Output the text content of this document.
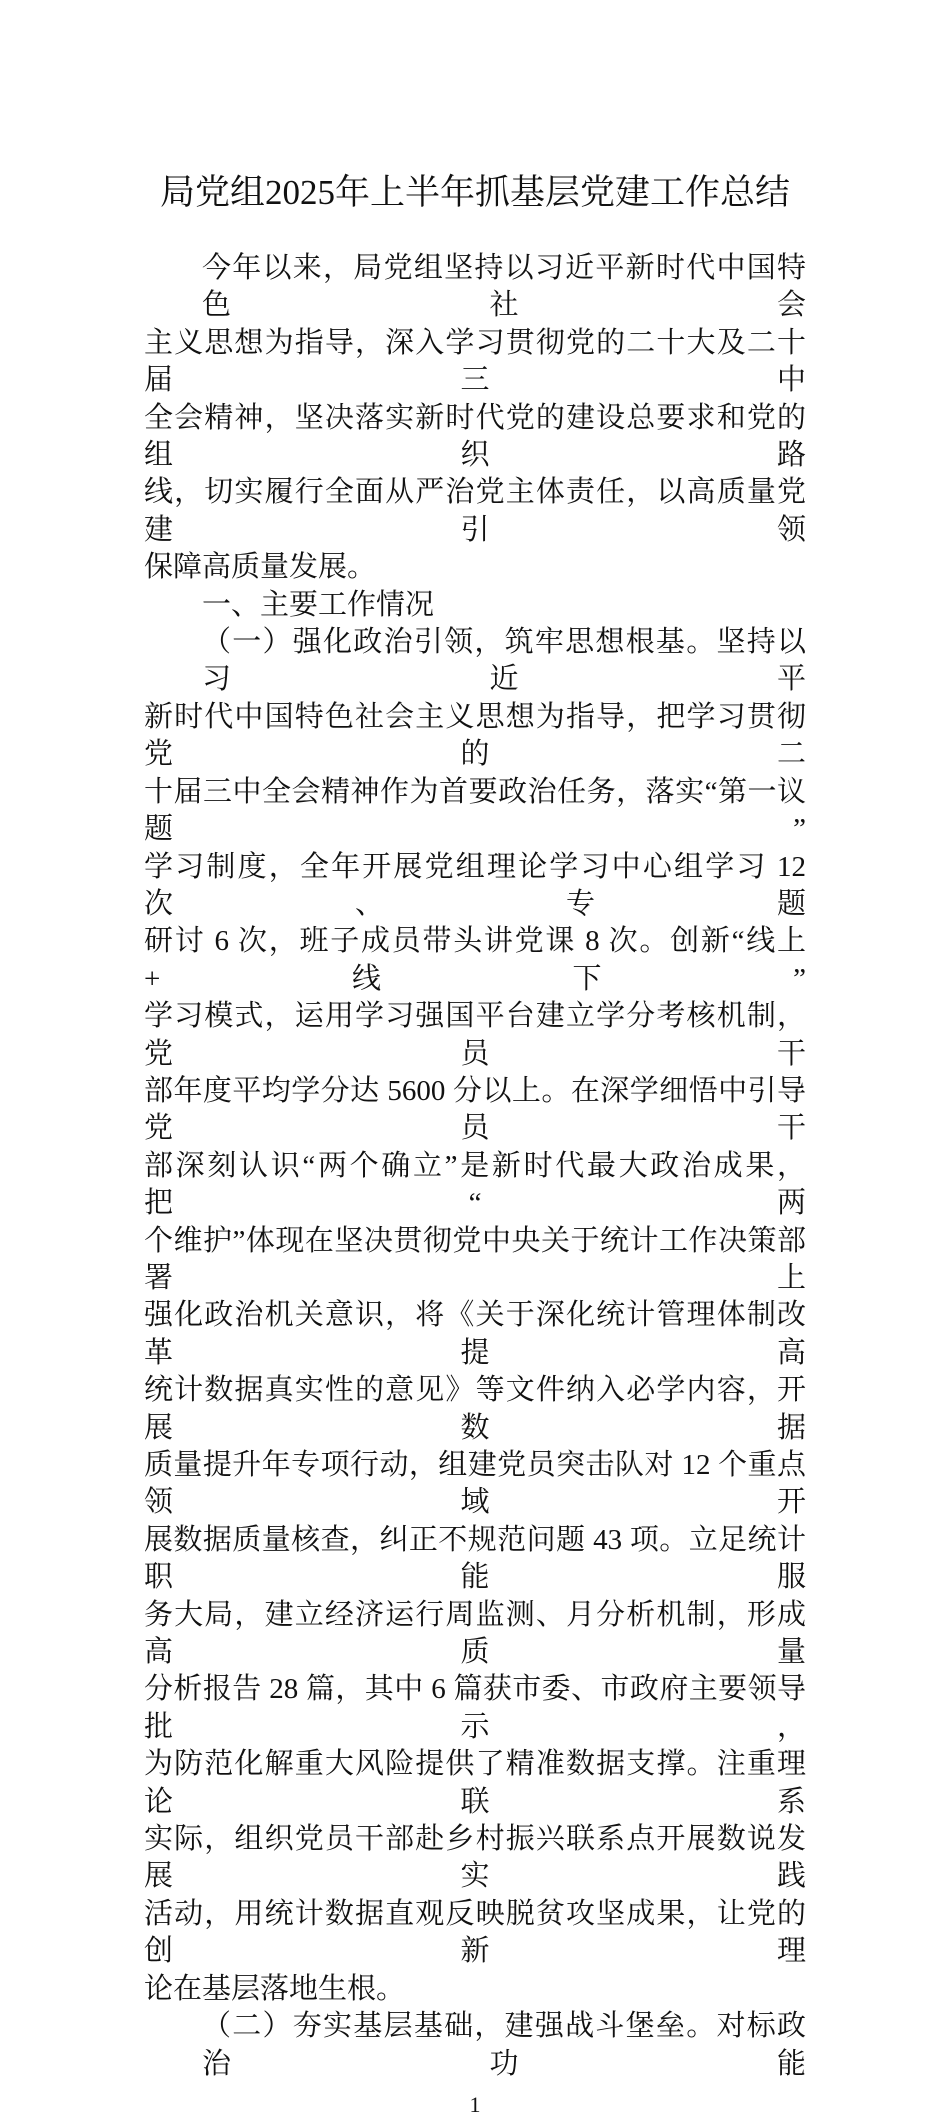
局党组2025年上半年抓基层党建工作总结
今年以来，局党组坚持以习近平新时代中国特色社会
主义思想为指导，深入学习贯彻党的二十大及二十届三中
全会精神，坚决落实新时代党的建设总要求和党的组织路
线，切实履行全面从严治党主体责任，以高质量党建引领
保障高质量发展。
一、主要工作情况
（一）强化政治引领，筑牢思想根基。坚持以习近平
新时代中国特色社会主义思想为指导，把学习贯彻党的二
十届三中全会精神作为首要政治任务，落实“第一议题”
学习制度，全年开展党组理论学习中心组学习 12 次、专题
研讨 6 次，班子成员带头讲党课 8 次。创新“线上+线下”
学习模式，运用学习强国平台建立学分考核机制，党员干
部年度平均学分达 5600 分以上。在深学细悟中引导党员干
部深刻认识“两个确立”是新时代最大政治成果，把“两
个维护”体现在坚决贯彻党中央关于统计工作决策部署上
强化政治机关意识，将《关于深化统计管理体制改革提高
统计数据真实性的意见》等文件纳入必学内容，开展数据
质量提升年专项行动，组建党员突击队对 12 个重点领域开
展数据质量核查，纠正不规范问题 43 项。立足统计职能服
务大局，建立经济运行周监测、月分析机制，形成高质量
分析报告 28 篇，其中 6 篇获市委、市政府主要领导批示，
为防范化解重大风险提供了精准数据支撑。注重理论联系
实际，组织党员干部赴乡村振兴联系点开展数说发展实践
活动，用统计数据直观反映脱贫攻坚成果，让党的创新理
论在基层落地生根。
（二）夯实基层基础，建强战斗堡垒。对标政治功能
1
